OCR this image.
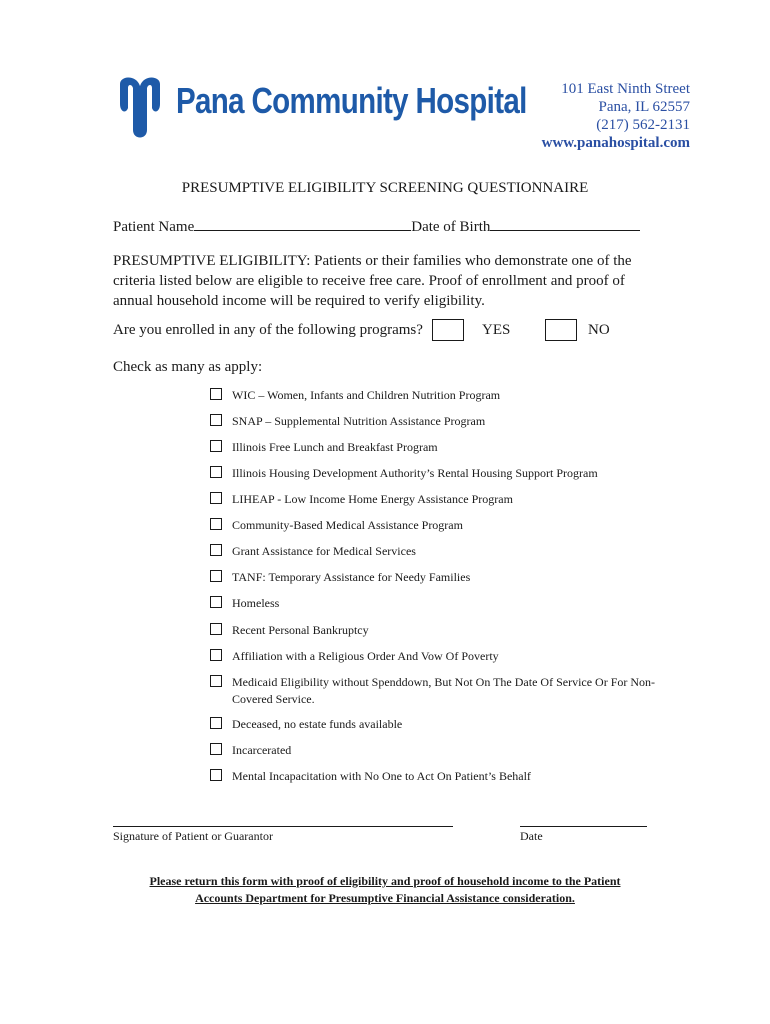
Pana Community Hospital	101 East Ninth Street
Pana, IL 62557
(217) 562-2131
www.panahospital.com
PRESUMPTIVE ELIGIBILITY SCREENING QUESTIONNAIRE
Patient Name	Date of Birth
PRESUMPTIVE ELIGIBILITY: Patients or their families who demonstrate one of the criteria listed below are eligible to receive free care. Proof of enrollment and proof of annual household income will be required to verify eligibility.
Are you enrolled in any of the following programs?	YES	NO
Check as many as apply:
WIC – Women, Infants and Children Nutrition Program
SNAP – Supplemental Nutrition Assistance Program
Illinois Free Lunch and Breakfast Program
Illinois Housing Development Authority’s Rental Housing Support Program
LIHEAP - Low Income Home Energy Assistance Program
Community-Based Medical Assistance Program
Grant Assistance for Medical Services
TANF: Temporary Assistance for Needy Families
Homeless
Recent Personal Bankruptcy
Affiliation with a Religious Order And Vow Of Poverty
Medicaid Eligibility without Spenddown, But Not On The Date Of Service Or For Non-Covered Service.
Deceased, no estate funds available
Incarcerated
Mental Incapacitation with No One to Act On Patient’s Behalf
Signature of Patient or Guarantor	Date
Please return this form with proof of eligibility and proof of household income to the Patient Accounts Department for Presumptive Financial Assistance consideration.
